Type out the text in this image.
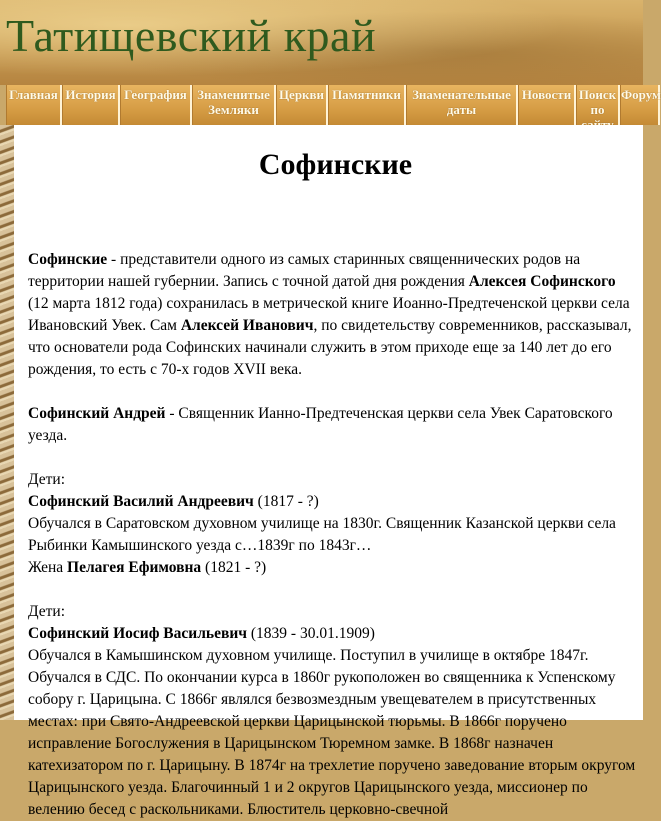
Татищевский край
Главная История География Знаменитые Земляки
Церкви Памятники Знаменательные даты
Новости Поиск по
Форум
Софинские

Софинские - представители одного из самых старинных священнических родов на территории нашей губернии. Запись с точной датой дня рождения Алексея Софинского (12 марта 1812 года) сохранилась в метрической книге Иоанно-Предтеченской церкви села Ивановский Увек. Сам Алексей Иванович, по свидетельству современников, рассказывал, что основатели рода Софинских начинали служить в этом приходе еще за 140 лет до его рождения, то есть с 70-х годов XVII века.

Софинский Андрей - Священник Ианно-Предтеченская церкви села Увек Саратовского уезда.

Дети:
Софинский Василий Андреевич (1817 - ?)
Обучался в Саратовском духовном училище на 1830г. Священник Казанской церкви села Рыбинки Камышинского уезда с…1839г по 1843г…
Жена Пелагея Ефимовна (1821 - ?)

Дети:
Софинский Иосиф Васильевич (1839 - 30.01.1909)
Обучался в Камышинском духовном училище. Поступил в училище в октябре 1847г. Обучался в СДС. По окончании курса в 1860г рукоположен во священника к Успенскому собору г. Царицына. С 1866г являлся безвозмездным увещевателем в присутственных местах: при Свято-Андреевской церкви Царицынской тюрьмы. В 1866г поручено исправление Богослужения в Царицынском Тюремном замке. В 1868г назначен катехизатором по г. Царицыну. В 1874г на трехлетие поручено заведование вторым округом Царицынского уезда. Благочинный 1 и 2 округов Царицынского уезда, миссионер по велению бесед с раскольниками. Блюститель церковно-свечной
